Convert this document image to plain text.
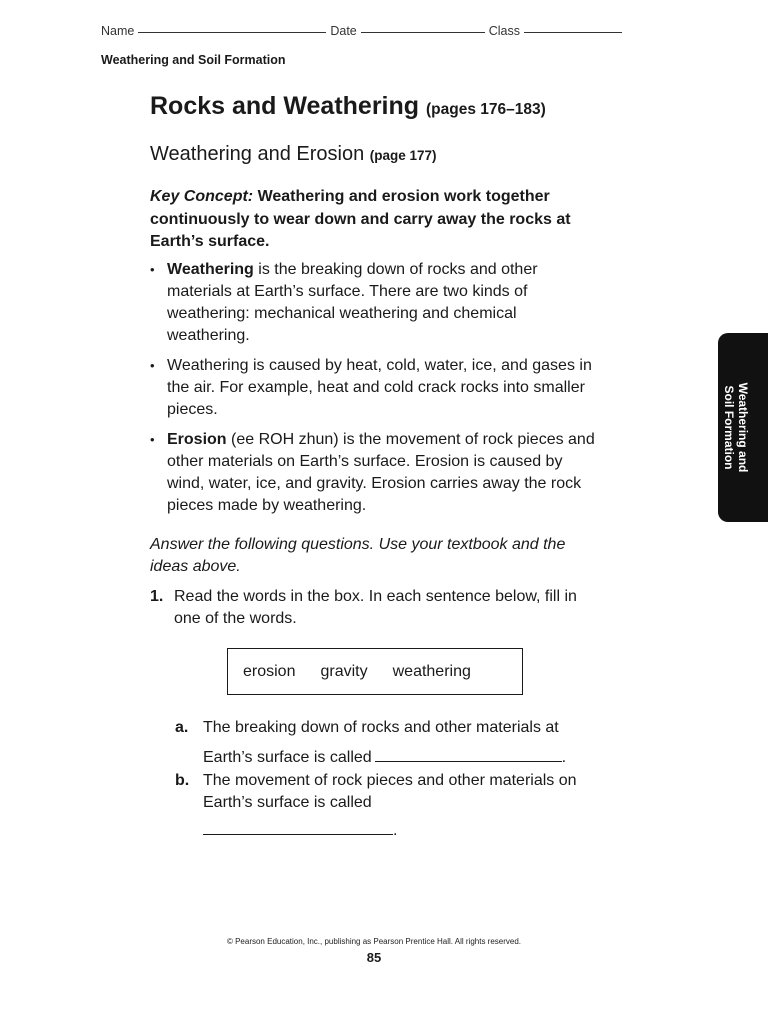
Name	Date	Class
Weathering and Soil Formation
Rocks and Weathering (pages 176–183)
Weathering and Erosion (page 177)
Key Concept: Weathering and erosion work together continuously to wear down and carry away the rocks at Earth’s surface.
• Weathering is the breaking down of rocks and other materials at Earth’s surface. There are two kinds of weathering: mechanical weathering and chemical weathering.
• Weathering is caused by heat, cold, water, ice, and gases in the air. For example, heat and cold crack rocks into smaller pieces.
• Erosion (ee ROH zhun) is the movement of rock pieces and other materials on Earth’s surface. Erosion is caused by wind, water, ice, and gravity. Erosion carries away the rock pieces made by weathering.
Answer the following questions. Use your textbook and the ideas above.
1. Read the words in the box. In each sentence below, fill in one of the words.
erosion gravity weathering
a. The breaking down of rocks and other materials at
Earth’s surface is called	.
b. The movement of rock pieces and other materials on Earth’s surface is called
.
© Pearson Education, Inc., publishing as Pearson Prentice Hall. All rights reserved.
85
Weathering and
Soil Formation
